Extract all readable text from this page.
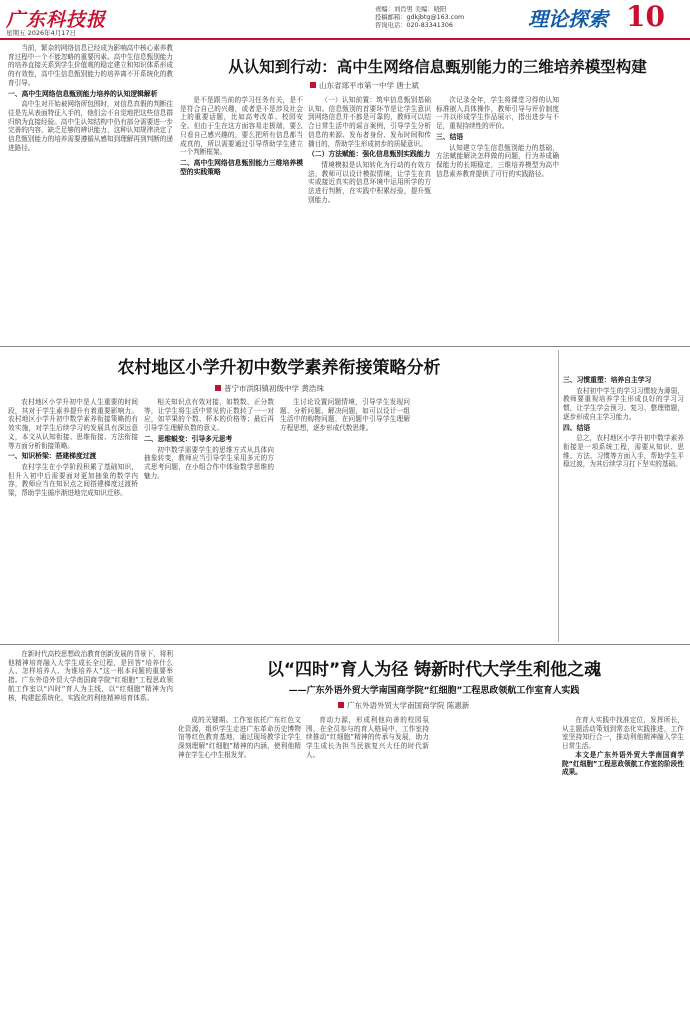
广东科技报
星期五 2026年4月17日
责编：刘肖男 美编：晓阳
投稿邮箱：gdkjbtg@163.com
咨询电话：020-83341306	理论探索 10

当前，繁杂的网络信息已经成为影响高中核心素养教育过程中一个不能忽略的重要因素。高中生信息甄别能力的培养直接关系到学生价值观的稳定建立和知识体系形成的有效性，高中生信息甄别能力的培养离不开系统化的教育引导。

一、高中生网络信息甄别能力培养的认知逻辑解析

高中生对开始被网络所包围时，对信息真假的判断往往是先从表面特征入手的，他们会不自觉地把这些信息群归纳为直接经验。高中生认知结构中仍有部分需要进一步完善的内容，缺乏足够的辨识能力，这种认知规律决定了信息甄别能力的培养需要遵循从感知到理解再到判断的递进路径。

从认知到行动：高中生网络信息甄别能力的三维培养模型构建
山东省郯平市第一中学 唐士斌

是不是跟当前的学习任务有关，是不是符合自己的兴趣，或者是不是涉及社会上的重要话题，比如高考改革、校园安全。但由于生在这方面容易走极端，要么只看自己感兴趣的，要么把所有信息都当成真的，所以需要通过引导帮助学生建立一个判断框架。

二、高中生网络信息甄别能力三维培养模型的实践策略

（一）认知前置：筑牢信息甄别基础认知。信息甄别的首要环节是让学生意识到网络信息并不都是可靠的，教师可以结合日常生活中的谣言案例，引导学生分析信息的来源、发布者身份、发布时间和传播目的，帮助学生形成初步的质疑意识。

（二）方法赋能：强化信息甄别实践能力

情境模拟是认知转化为行动的有效方法，教师可以设计模拟情境，让学生在真实或接近真实的信息环境中运用所学的方法进行判断，在实践中积累经验，提升甄别能力。

次记录全年，学生将课堂习得的认知标准嵌入具体操作，教师引导与评价制度一并以形成学生作品展示，指出进步与不足，重视持续性的评价。

三、结语

认知建立学生信息甄别能力的基础，方法赋能解决怎样做的问题，行为养成确保能力的长期稳定，三维培养模型为高中信息素养教育提供了可行的实践路径。

农村地区小学升初中数学素养衔接策略分析
普宁市洪阳镇初级中学 黄浩珠

农村地区小学升初中是人生重要的时间段，其对于学生素养提升有着重要影响力。农村地区小学升初中数学素养衔接策略的有效实施，对学生后续学习的发展具有深远意义，本文从认知衔接、思维衔接、方法衔接等方面分析衔接策略。

一、知识桥梁：搭建梯度过渡

农村学生在小学阶段积累了基础知识，但升入初中后需要面对更加抽象的数学内容，教师应当在知识点之间搭建梯度过渡桥梁，帮助学生循序渐进地完成知识迁移。

相关知识点有效对接，如数数、正分数等，让学生将生活中常见的正数转了一一对应，如苹果的个数、杯本的价格等；最后再引导学生理解负数的意义。

二、思维蜕变：引导多元思考

初中数学需要学生的思维方式从具体向抽象转变，教师应当引导学生采用多元的方式思考问题，在小组合作中体验数学思维的魅力。

生讨论设置问题情境，引导学生发现问题、分析问题、解决问题，如可以设计一组生活中的购物问题，在问题中引导学生理解方程思想，逐步形成代数思维。

三、习惯重塑：培养自主学习

农村初中学生的学习习惯较为薄弱，教师要重视培养学生形成良好的学习习惯，让学生学会预习、复习、整理错题，逐步形成自主学习能力。

四、结语

总之，农村地区小学升初中数学素养衔接是一项系统工程，需要从知识、思维、方法、习惯等方面入手，帮助学生平稳过渡，为其后续学习打下坚实的基础。

在新时代高校思想政治教育创新发展的背景下，将利他精神培育融入大学生成长全过程，是回答“培养什么人、怎样培养人、为谁培养人”这一根本问题的重要举措。广东外语外贸大学南国商学院“红细胞”工程思政领航工作室以“四时”育人为主线，以“红细胞”精神为内核，构建起系统化、实践化的利他精神培育体系。

以“四时”育人为径 铸新时代大学生利他之魂
——广东外语外贸大学南国商学院“红细胞”工程思政领航工作室育人实践
广东外语外贸大学南国商学院 陈惠新

成的关键期。工作室依托广东红色文化资源，组织学生走进广东革命历史博物馆等红色教育基地，通过现场教学让学生深刻理解“红细胞”精神的内涵，使利他精神在学生心中生根发芽。

育动力源，形成利他向善的校园氛围，在全员参与的育人格局中，工作室持续推动“红细胞”精神的传承与发展，助力学生成长为担当民族复兴大任的时代新人。

在育人实践中找准定位，发挥所长，从主题活动策划到常态化实践推进，工作室坚持知行合一，推动利他精神融入学生日常生活。

本文是广东外语外贸大学南国商学院“红细胞”工程思政领航工作室的阶段性成果。
